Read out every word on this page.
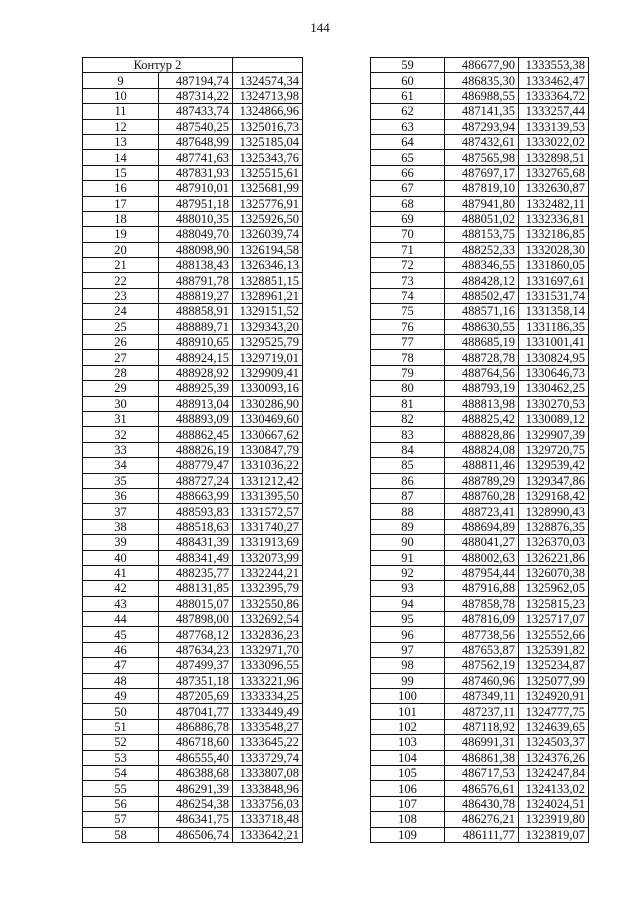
144
Контур 2		
9	487194,74	1324574,34
10	487314,22	1324713,98
11	487433,74	1324866,96
12	487540,25	1325016,73
13	487648,99	1325185,04
14	487741,63	1325343,76
15	487831,93	1325515,61
16	487910,01	1325681,99
17	487951,18	1325776,91
18	488010,35	1325926,50
19	488049,70	1326039,74
20	488098,90	1326194,58
21	488138,43	1326346,13
22	488791,78	1328851,15
23	488819,27	1328961,21
24	488858,91	1329151,52
25	488889,71	1329343,20
26	488910,65	1329525,79
27	488924,15	1329719,01
28	488928,92	1329909,41
29	488925,39	1330093,16
30	488913,04	1330286,90
31	488893,09	1330469,60
32	488862,45	1330667,62
33	488826,19	1330847,79
34	488779,47	1331036,22
35	488727,24	1331212,42
36	488663,99	1331395,50
37	488593,83	1331572,57
38	488518,63	1331740,27
39	488431,39	1331913,69
40	488341,49	1332073,99
41	488235,77	1332244,21
42	488131,85	1332395,79
43	488015,07	1332550,86
44	487898,00	1332692,54
45	487768,12	1332836,23
46	487634,23	1332971,70
47	487499,37	1333096,55
48	487351,18	1333221,96
49	487205,69	1333334,25
50	487041,77	1333449,49
51	486886,78	1333548,27
52	486718,60	1333645,22
53	486555,40	1333729,74
54	486388,68	1333807,08
55	486291,39	1333848,96
56	486254,38	1333756,03
57	486341,75	1333718,48
58	486506,74	1333642,21
59	486677,90	1333553,38
60	486835,30	1333462,47
61	486988,55	1333364,72
62	487141,35	1333257,44
63	487293,94	1333139,53
64	487432,61	1333022,02
65	487565,98	1332898,51
66	487697,17	1332765,68
67	487819,10	1332630,87
68	487941,80	1332482,11
69	488051,02	1332336,81
70	488153,75	1332186,85
71	488252,33	1332028,30
72	488346,55	1331860,05
73	488428,12	1331697,61
74	488502,47	1331531,74
75	488571,16	1331358,14
76	488630,55	1331186,35
77	488685,19	1331001,41
78	488728,78	1330824,95
79	488764,56	1330646,73
80	488793,19	1330462,25
81	488813,98	1330270,53
82	488825,42	1330089,12
83	488828,86	1329907,39
84	488824,08	1329720,75
85	488811,46	1329539,42
86	488789,29	1329347,86
87	488760,28	1329168,42
88	488723,41	1328990,43
89	488694,89	1328876,35
90	488041,27	1326370,03
91	488002,63	1326221,86
92	487954,44	1326070,38
93	487916,88	1325962,05
94	487858,78	1325815,23
95	487816,09	1325717,07
96	487738,56	1325552,66
97	487653,87	1325391,82
98	487562,19	1325234,87
99	487460,96	1325077,99
100	487349,11	1324920,91
101	487237,11	1324777,75
102	487118,92	1324639,65
103	486991,31	1324503,37
104	486861,38	1324376,26
105	486717,53	1324247,84
106	486576,61	1324133,02
107	486430,78	1324024,51
108	486276,21	1323919,80
109	486111,77	1323819,07
